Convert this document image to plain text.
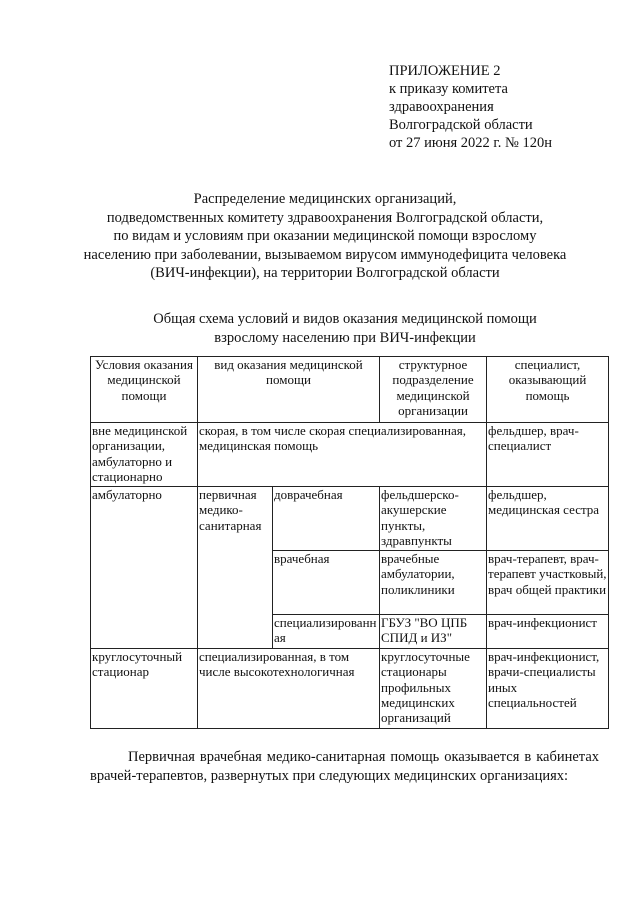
ПРИЛОЖЕНИЕ 2
к приказу комитета
здравоохранения
Волгоградской области
от 27 июня 2022 г. № 120н
Распределение медицинских организаций,
подведомственных комитету здравоохранения Волгоградской области,
по видам и условиям при оказании медицинской помощи взрослому
населению при заболевании, вызываемом вирусом иммунодефицита человека
(ВИЧ-инфекции), на территории Волгоградской области
Общая схема условий и видов оказания медицинской помощи
взрослому населению при ВИЧ-инфекции
Условия оказания медицинской помощи	вид оказания медицинской помощи		структурное подразделение медицинской организации	специалист, оказывающий помощь
вне медицинской организации, амбулаторно и стационарно	скорая, в том числе скорая специализированная, медицинская помощь			фельдшер, врач-специалист
амбулаторно	первичная медико-санитарная	доврачебная	фельдшерско-акушерские пункты, здравпункты	фельдшер, медицинская сестра
		врачебная	врачебные амбулатории, поликлиники	врач-терапевт, врач-терапевт участковый, врач общей практики
		специализированная	ГБУЗ "ВО ЦПБ СПИД и ИЗ"	врач-инфекционист
круглосуточный стационар	специализированная, в том числе высокотехнологичная		круглосуточные стационары профильных медицинских организаций	врач-инфекционист, врачи-специалисты иных специальностей
Первичная врачебная медико-санитарная помощь оказывается в кабинетах врачей-терапевтов, развернутых при следующих медицинских организациях:
